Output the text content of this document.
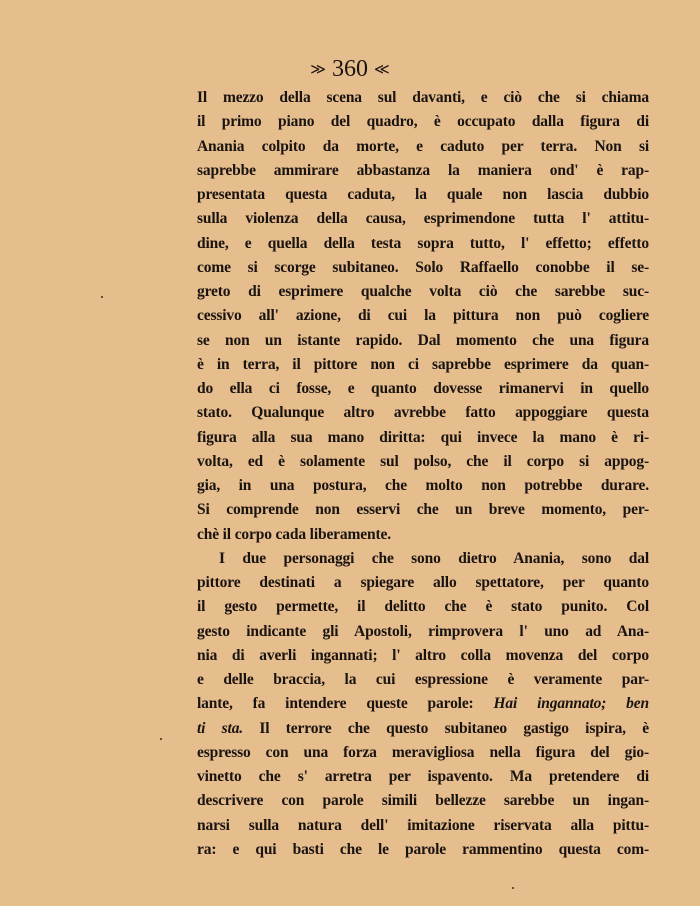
≫ 360 ≪
Il mezzo della scena sul davanti, e ciò che si chiama
il primo piano del quadro, è occupato dalla figura di
Anania colpito da morte, e caduto per terra. Non si
saprebbe ammirare abbastanza la maniera ond' è rap-
presentata questa caduta, la quale non lascia dubbio
sulla violenza della causa, esprimendone tutta l' attitu-
dine, e quella della testa sopra tutto, l' effetto; effetto
come si scorge subitaneo. Solo Raffaello conobbe il se-
greto di esprimere qualche volta ciò che sarebbe suc-
cessivo all' azione, di cui la pittura non può cogliere
se non un istante rapido. Dal momento che una figura
è in terra, il pittore non ci saprebbe esprimere da quan-
do ella ci fosse, e quanto dovesse rimanervi in quello
stato. Qualunque altro avrebbe fatto appoggiare questa
figura alla sua mano diritta: qui invece la mano è ri-
volta, ed è solamente sul polso, che il corpo si appog-
gia, in una postura, che molto non potrebbe durare.
Si comprende non esservi che un breve momento, per-
chè il corpo cada liberamente.
I due personaggi che sono dietro Anania, sono dal
pittore destinati a spiegare allo spettatore, per quanto
il gesto permette, il delitto che è stato punito. Col
gesto indicante gli Apostoli, rimprovera l' uno ad Ana-
nia di averli ingannati; l' altro colla movenza del corpo
e delle braccia, la cui espressione è veramente par-
lante, fa intendere queste parole: Hai ingannato; ben
ti sta. Il terrore che questo subitaneo gastigo ispira, è
espresso con una forza meravigliosa nella figura del gio-
vinetto che s' arretra per ispavento. Ma pretendere di
descrivere con parole simili bellezze sarebbe un ingan-
narsi sulla natura dell' imitazione riservata alla pittu-
ra: e qui basti che le parole rammentino questa com-
